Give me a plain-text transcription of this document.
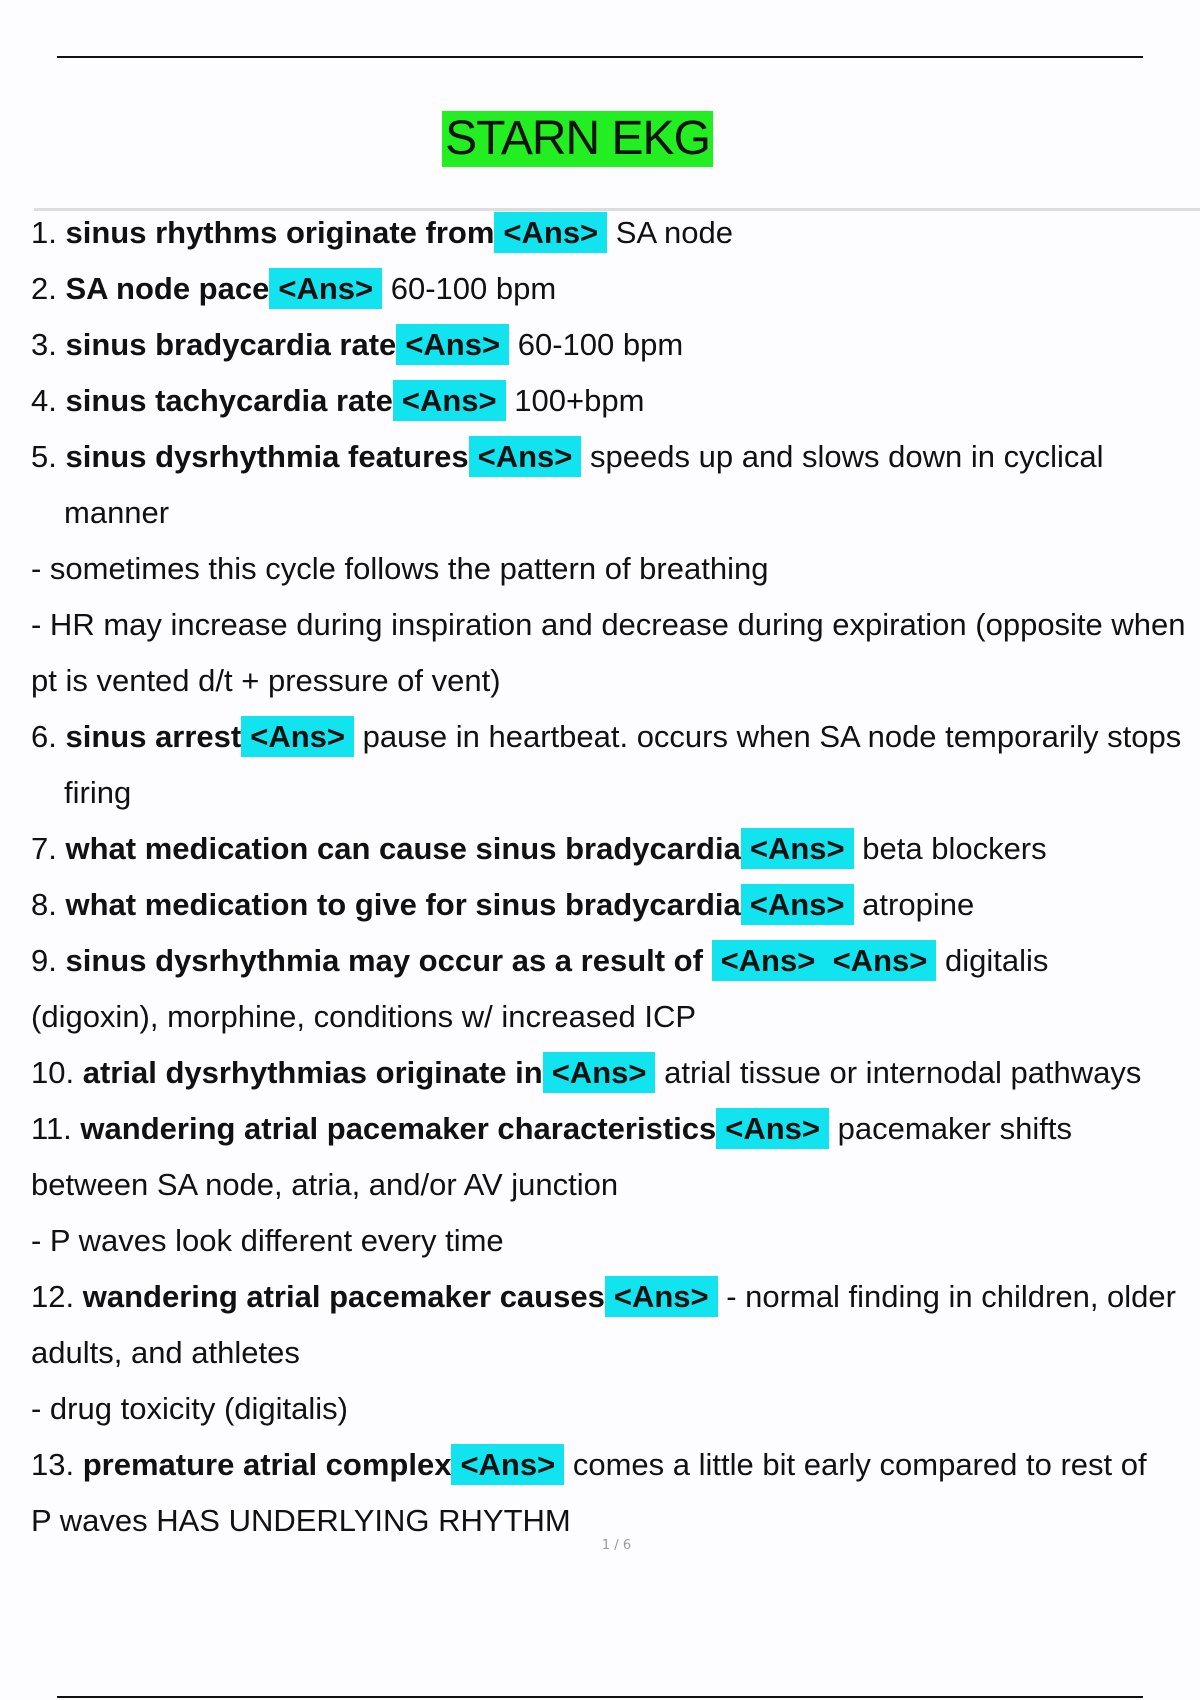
STARN EKG
1. sinus rhythms originate from <Ans> SA node
2. SA node pace <Ans> 60-100 bpm
3. sinus bradycardia rate <Ans> 60-100 bpm
4. sinus tachycardia rate <Ans> 100+bpm
5. sinus dysrhythmia features <Ans> speeds up and slows down in cyclical
manner
- sometimes this cycle follows the pattern of breathing
- HR may increase during inspiration and decrease during expiration (opposite when
pt is vented d/t + pressure of vent)
6. sinus arrest <Ans> pause in heartbeat. occurs when SA node temporarily stops
firing
7. what medication can cause sinus bradycardia <Ans> beta blockers
8. what medication to give for sinus bradycardia <Ans> atropine
9. sinus dysrhythmia may occur as a result of <Ans> <Ans> digitalis
(digoxin), morphine, conditions w/ increased ICP
10. atrial dysrhythmias originate in <Ans> atrial tissue or internodal pathways
11. wandering atrial pacemaker characteristics <Ans> pacemaker shifts
between SA node, atria, and/or AV junction
- P waves look different every time
12. wandering atrial pacemaker causes <Ans> - normal finding in children, older
adults, and athletes
- drug toxicity (digitalis)
13. premature atrial complex <Ans> comes a little bit early compared to rest of
P waves HAS UNDERLYING RHYTHM
1 / 6
